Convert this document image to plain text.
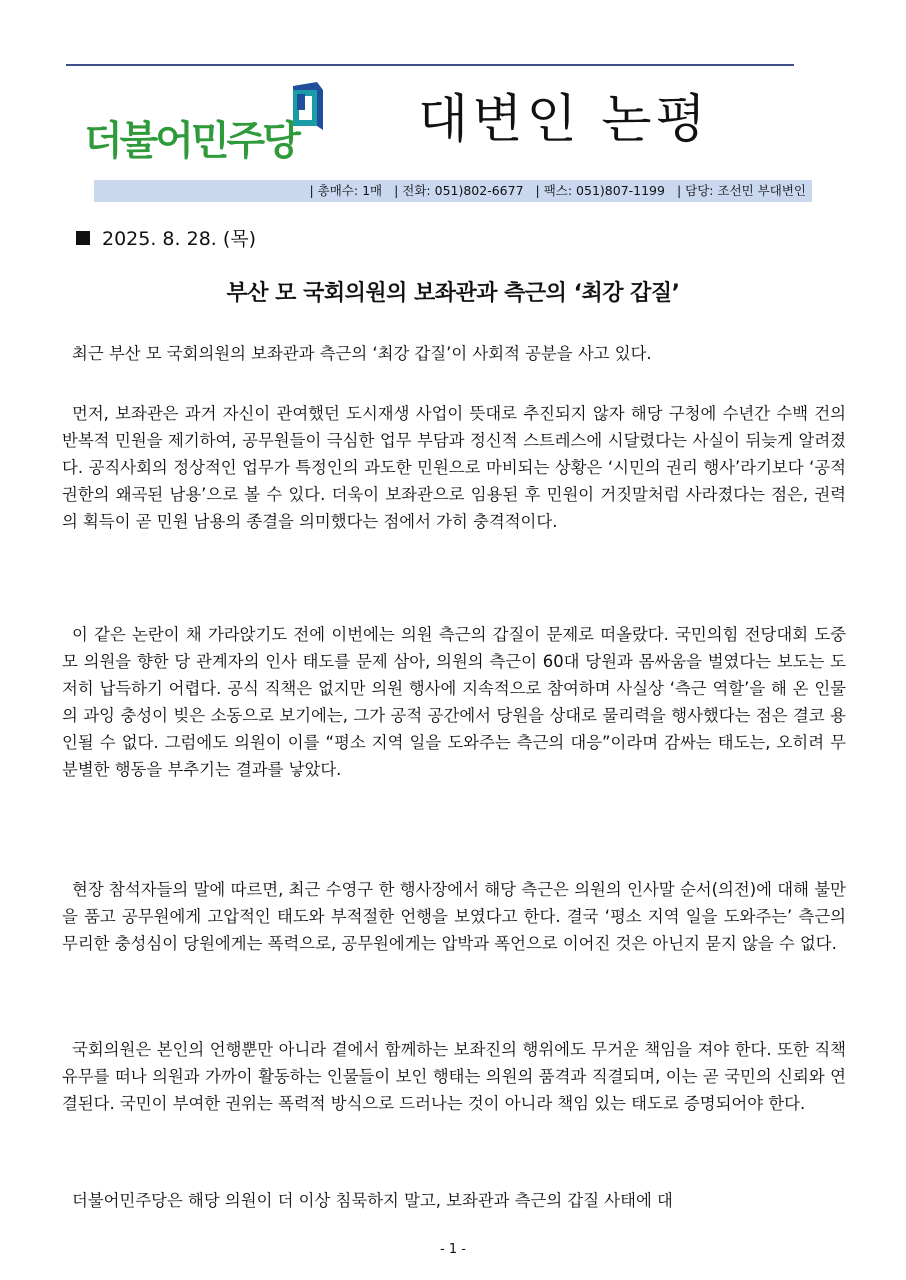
더불어민주당 대변인 논평
| 총매수: 1매 | 전화: 051)802-6677 | 팩스: 051)807-1199 | 담당: 조선민 부대변인
2025. 8. 28. (목)
부산 모 국회의원의 보좌관과 측근의 ‘최강 갑질’

최근 부산 모 국회의원의 보좌관과 측근의 ‘최강 갑질’이 사회적 공분을 사고 있다.

먼저, 보좌관은 과거 자신이 관여했던 도시재생 사업이 뜻대로 추진되지 않자 해당 구청에 수년간 수백 건의 반복적 민원을 제기하여, 공무원들이 극심한 업무 부담과 정신적 스트레스에 시달렸다는 사실이 뒤늦게 알려졌다. 공직사회의 정상적인 업무가 특정인의 과도한 민원으로 마비되는 상황은 ‘시민의 권리 행사’라기보다 ‘공적 권한의 왜곡된 남용’으로 볼 수 있다. 더욱이 보좌관으로 임용된 후 민원이 거짓말처럼 사라졌다는 점은, 권력의 획득이 곧 민원 남용의 종결을 의미했다는 점에서 가히 충격적이다.

이 같은 논란이 채 가라앉기도 전에 이번에는 의원 측근의 갑질이 문제로 떠올랐다. 국민의힘 전당대회 도중 모 의원을 향한 당 관계자의 인사 태도를 문제 삼아, 의원의 측근이 60대 당원과 몸싸움을 벌였다는 보도는 도저히 납득하기 어렵다. 공식 직책은 없지만 의원 행사에 지속적으로 참여하며 사실상 ‘측근 역할’을 해 온 인물의 과잉 충성이 빚은 소동으로 보기에는, 그가 공적 공간에서 당원을 상대로 물리력을 행사했다는 점은 결코 용인될 수 없다. 그럼에도 의원이 이를 “평소 지역 일을 도와주는 측근의 대응”이라며 감싸는 태도는, 오히려 무분별한 행동을 부추기는 결과를 낳았다.

현장 참석자들의 말에 따르면, 최근 수영구 한 행사장에서 해당 측근은 의원의 인사말 순서(의전)에 대해 불만을 품고 공무원에게 고압적인 태도와 부적절한 언행을 보였다고 한다. 결국 ‘평소 지역 일을 도와주는’ 측근의 무리한 충성심이 당원에게는 폭력으로, 공무원에게는 압박과 폭언으로 이어진 것은 아닌지 묻지 않을 수 없다.

국회의원은 본인의 언행뿐만 아니라 곁에서 함께하는 보좌진의 행위에도 무거운 책임을 져야 한다. 또한 직책 유무를 떠나 의원과 가까이 활동하는 인물들이 보인 행태는 의원의 품격과 직결되며, 이는 곧 국민의 신뢰와 연결된다. 국민이 부여한 권위는 폭력적 방식으로 드러나는 것이 아니라 책임 있는 태도로 증명되어야 한다.

더불어민주당은 해당 의원이 더 이상 침묵하지 말고, 보좌관과 측근의 갑질 사태에 대

- 1 -
